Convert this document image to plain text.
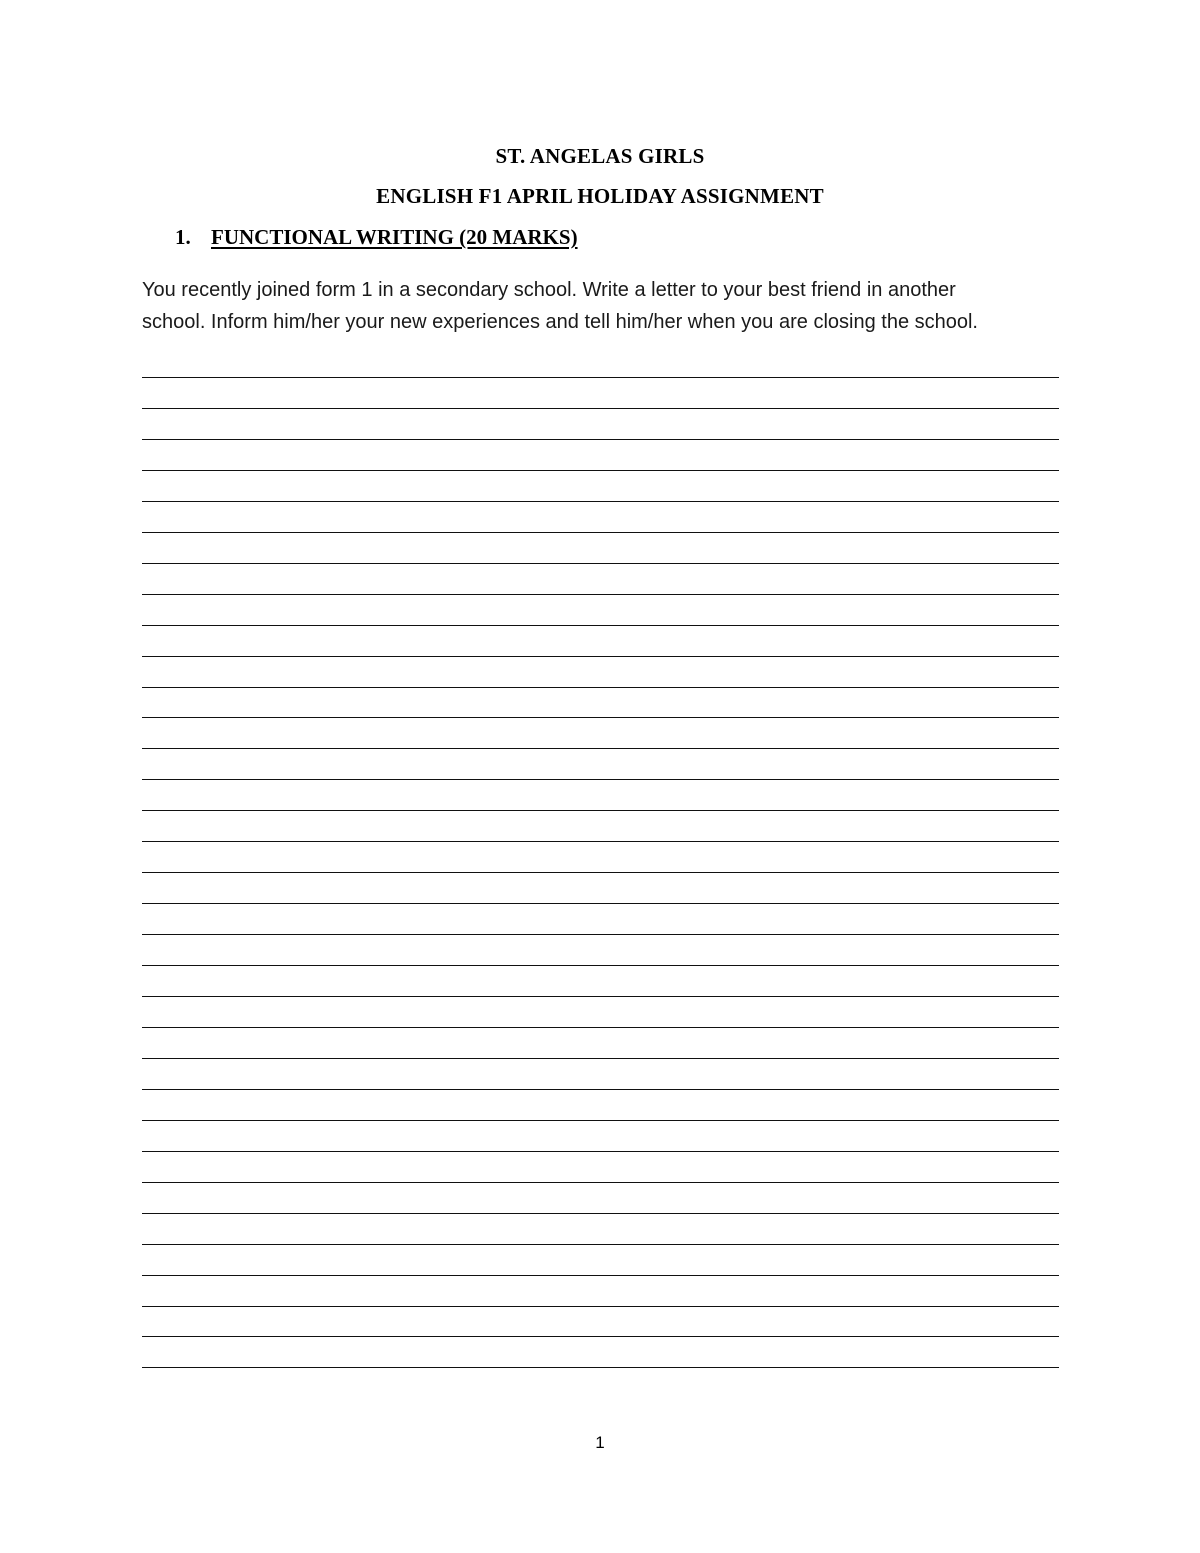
ST. ANGELAS GIRLS
ENGLISH F1 APRIL HOLIDAY ASSIGNMENT
1. FUNCTIONAL WRITING (20 MARKS)
You recently joined form 1 in a secondary school. Write a letter to your best friend in another
school. Inform him/her your new experiences and tell him/her when you are closing the school.
1
